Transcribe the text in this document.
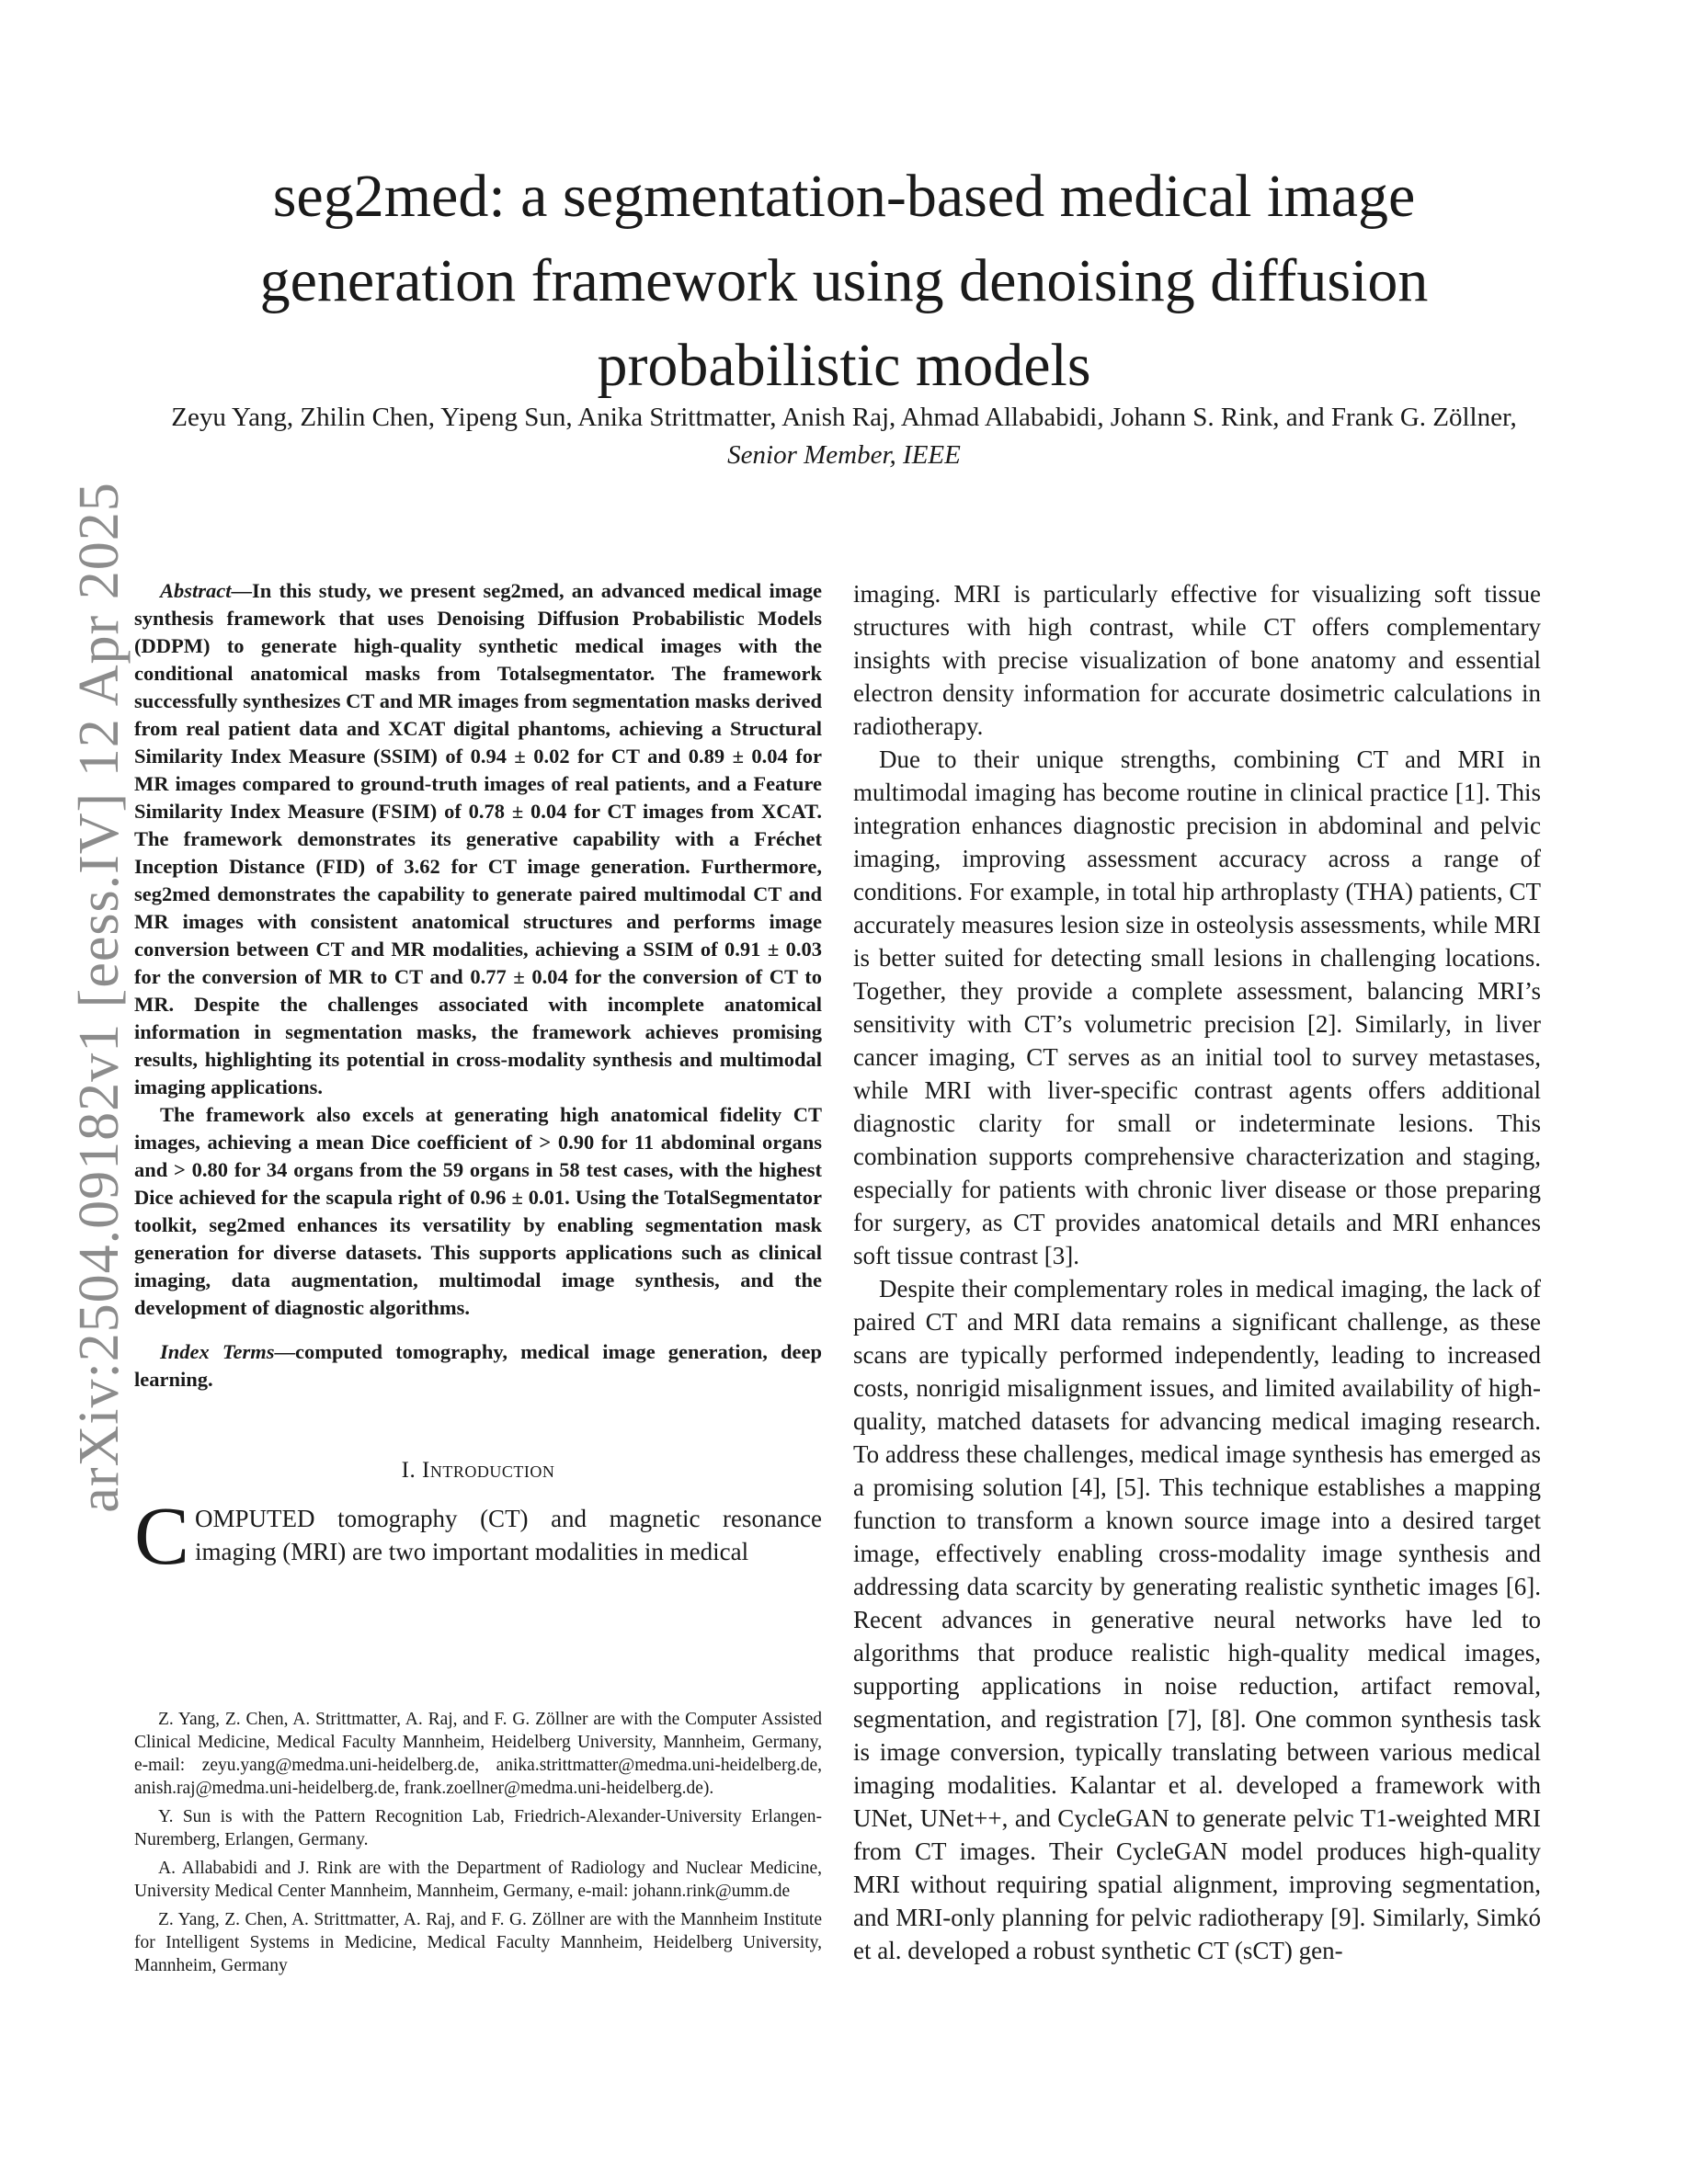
arXiv:2504.09182v1 [eess.IV] 12 Apr 2025
seg2med: a segmentation-based medical image generation framework using denoising diffusion probabilistic models
Zeyu Yang, Zhilin Chen, Yipeng Sun, Anika Strittmatter, Anish Raj, Ahmad Allababidi, Johann S. Rink, and Frank G. Zöllner, Senior Member, IEEE

Abstract—In this study, we present seg2med, an advanced medical image synthesis framework that uses Denoising Diffusion Probabilistic Models (DDPM) to generate high-quality synthetic medical images with the conditional anatomical masks from Totalsegmentator. The framework successfully synthesizes CT and MR images from segmentation masks derived from real patient data and XCAT digital phantoms, achieving a Structural Similarity Index Measure (SSIM) of 0.94 ± 0.02 for CT and 0.89 ± 0.04 for MR images compared to ground-truth images of real patients, and a Feature Similarity Index Measure (FSIM) of 0.78 ± 0.04 for CT images from XCAT. The framework demonstrates its generative capability with a Fréchet Inception Distance (FID) of 3.62 for CT image generation. Furthermore, seg2med demonstrates the capability to generate paired multimodal CT and MR images with consistent anatomical structures and performs image conversion between CT and MR modalities, achieving a SSIM of 0.91 ± 0.03 for the conversion of MR to CT and 0.77 ± 0.04 for the conversion of CT to MR. Despite the challenges associated with incomplete anatomical information in segmentation masks, the framework achieves promising results, highlighting its potential in cross-modality synthesis and multimodal imaging applications.

The framework also excels at generating high anatomical fidelity CT images, achieving a mean Dice coefficient of > 0.90 for 11 abdominal organs and > 0.80 for 34 organs from the 59 organs in 58 test cases, with the highest Dice achieved for the scapula right of 0.96 ± 0.01. Using the TotalSegmentator toolkit, seg2med enhances its versatility by enabling segmentation mask generation for diverse datasets. This supports applications such as clinical imaging, data augmentation, multimodal image synthesis, and the development of diagnostic algorithms.

Index Terms—computed tomography, medical image generation, deep learning.

I. Introduction

COMPUTED tomography (CT) and magnetic resonance imaging (MRI) are two important modalities in medical

Z. Yang, Z. Chen, A. Strittmatter, A. Raj, and F. G. Zöllner are with the Computer Assisted Clinical Medicine, Medical Faculty Mannheim, Heidelberg University, Mannheim, Germany, e-mail: zeyu.yang@medma.uni-heidelberg.de, anika.strittmatter@medma.uni-heidelberg.de, anish.raj@medma.uni-heidelberg.de, frank.zoellner@medma.uni-heidelberg.de).

Y. Sun is with the Pattern Recognition Lab, Friedrich-Alexander-University Erlangen-Nuremberg, Erlangen, Germany.

A. Allababidi and J. Rink are with the Department of Radiology and Nuclear Medicine, University Medical Center Mannheim, Mannheim, Germany, e-mail: johann.rink@umm.de

Z. Yang, Z. Chen, A. Strittmatter, A. Raj, and F. G. Zöllner are with the Mannheim Institute for Intelligent Systems in Medicine, Medical Faculty Mannheim, Heidelberg University, Mannheim, Germany

imaging. MRI is particularly effective for visualizing soft tissue structures with high contrast, while CT offers complementary insights with precise visualization of bone anatomy and essential electron density information for accurate dosimetric calculations in radiotherapy.

Due to their unique strengths, combining CT and MRI in multimodal imaging has become routine in clinical practice [1]. This integration enhances diagnostic precision in abdominal and pelvic imaging, improving assessment accuracy across a range of conditions. For example, in total hip arthroplasty (THA) patients, CT accurately measures lesion size in osteolysis assessments, while MRI is better suited for detecting small lesions in challenging locations. Together, they provide a complete assessment, balancing MRI’s sensitivity with CT’s volumetric precision [2]. Similarly, in liver cancer imaging, CT serves as an initial tool to survey metastases, while MRI with liver-specific contrast agents offers additional diagnostic clarity for small or indeterminate lesions. This combination supports comprehensive characterization and staging, especially for patients with chronic liver disease or those preparing for surgery, as CT provides anatomical details and MRI enhances soft tissue contrast [3].

Despite their complementary roles in medical imaging, the lack of paired CT and MRI data remains a significant challenge, as these scans are typically performed independently, leading to increased costs, nonrigid misalignment issues, and limited availability of high-quality, matched datasets for advancing medical imaging research. To address these challenges, medical image synthesis has emerged as a promising solution [4], [5]. This technique establishes a mapping function to transform a known source image into a desired target image, effectively enabling cross-modality image synthesis and addressing data scarcity by generating realistic synthetic images [6]. Recent advances in generative neural networks have led to algorithms that produce realistic high-quality medical images, supporting applications in noise reduction, artifact removal, segmentation, and registration [7], [8]. One common synthesis task is image conversion, typically translating between various medical imaging modalities. Kalantar et al. developed a framework with UNet, UNet++, and CycleGAN to generate pelvic T1-weighted MRI from CT images. Their CycleGAN model produces high-quality MRI without requiring spatial alignment, improving segmentation, and MRI-only planning for pelvic radiotherapy [9]. Similarly, Simkó et al. developed a robust synthetic CT (sCT) gen-
